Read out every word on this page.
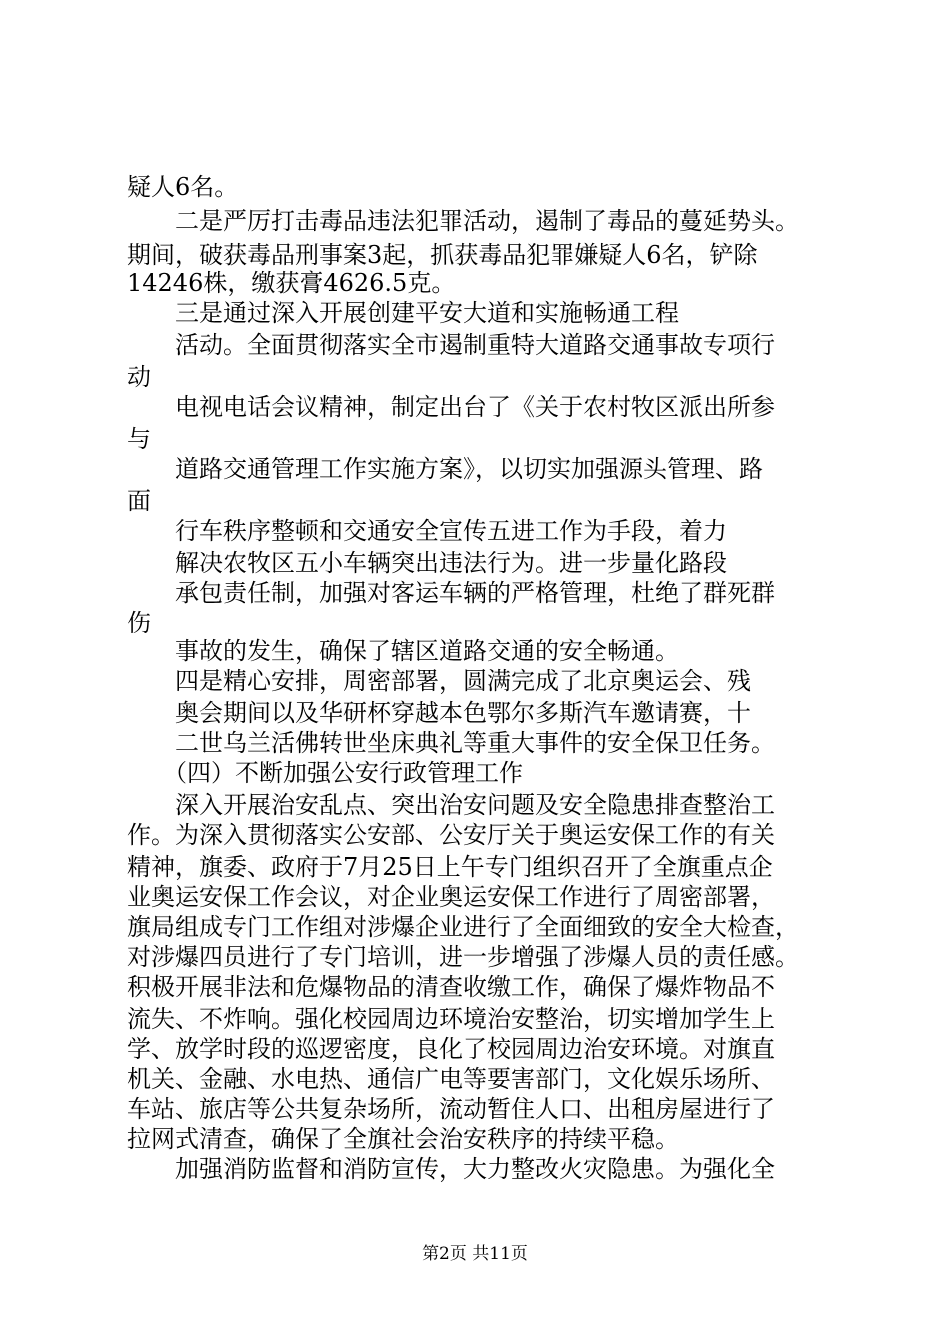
疑人6名。
　　二是严厉打击毒品违法犯罪活动，遏制了毒品的蔓延势头。
期间，破获毒品刑事案3起，抓获毒品犯罪嫌疑人6名，铲除
14246株，缴获膏4626.5克。
　　三是通过深入开展创建平安大道和实施畅通工程
　　活动。全面贯彻落实全市遏制重特大道路交通事故专项行
动
　　电视电话会议精神，制定出台了《关于农村牧区派出所参
与
　　道路交通管理工作实施方案》，以切实加强源头管理、路
面
　　行车秩序整顿和交通安全宣传五进工作为手段，着力
　　解决农牧区五小车辆突出违法行为。进一步量化路段
　　承包责任制，加强对客运车辆的严格管理，杜绝了群死群
伤
　　事故的发生，确保了辖区道路交通的安全畅通。
　　四是精心安排，周密部署，圆满完成了北京奥运会、残
　　奥会期间以及华研杯穿越本色鄂尔多斯汽车邀请赛，十
　　二世乌兰活佛转世坐床典礼等重大事件的安全保卫任务。
　　（四）不断加强公安行政管理工作
　　深入开展治安乱点、突出治安问题及安全隐患排查整治工
作。为深入贯彻落实公安部、公安厅关于奥运安保工作的有关
精神，旗委、政府于7月25日上午专门组织召开了全旗重点企
业奥运安保工作会议，对企业奥运安保工作进行了周密部署，
旗局组成专门工作组对涉爆企业进行了全面细致的安全大检查，
对涉爆四员进行了专门培训，进一步增强了涉爆人员的责任感。
积极开展非法和危爆物品的清查收缴工作，确保了爆炸物品不
流失、不炸响。强化校园周边环境治安整治，切实增加学生上
学、放学时段的巡逻密度，良化了校园周边治安环境。对旗直
机关、金融、水电热、通信广电等要害部门，文化娱乐场所、
车站、旅店等公共复杂场所，流动暂住人口、出租房屋进行了
拉网式清查，确保了全旗社会治安秩序的持续平稳。
　　加强消防监督和消防宣传，大力整改火灾隐患。为强化全
第2页 共11页
